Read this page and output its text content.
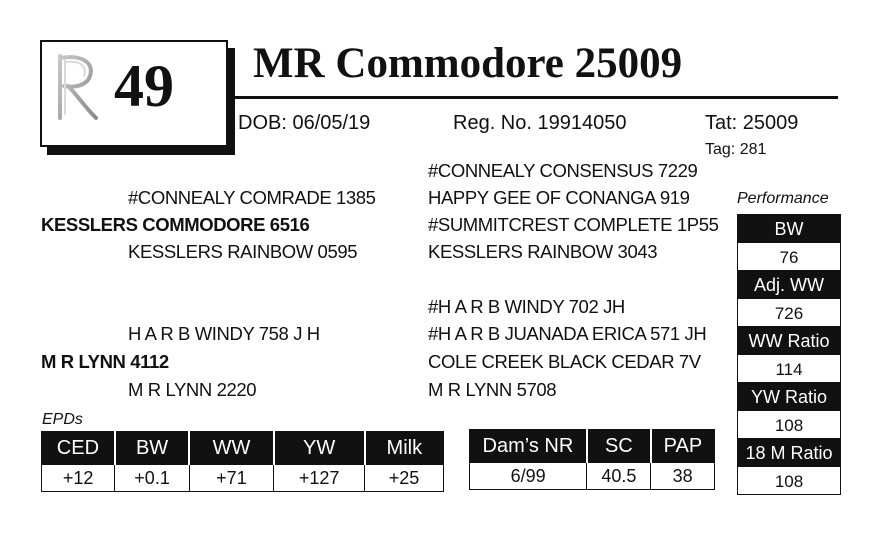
49 MR Commodore 25009
DOB: 06/05/19	Reg. No. 19914050	Tat: 25009
Tag: 281
#CONNEALY CONSENSUS 7229
#CONNEALY COMRADE 1385	HAPPY GEE OF CONANGA 919
KESSLERS COMMODORE 6516	#SUMMITCREST COMPLETE 1P55
KESSLERS RAINBOW 0595	KESSLERS RAINBOW 3043
#H A R B WINDY 702 JH
H A R B WINDY 758 J H	#H A R B JUANADA ERICA 571 JH
M R LYNN 4112	COLE CREEK BLACK CEDAR 7V
M R LYNN 2220	M R LYNN 5708
Performance
BW
76
Adj. WW
726
WW Ratio
114
YW Ratio
108
18 M Ratio
108
EPDs
CED	BW	WW	YW	Milk
+12	+0.1	+71	+127	+25
Dam’s NR	SC	PAP
6/99	40.5	38
